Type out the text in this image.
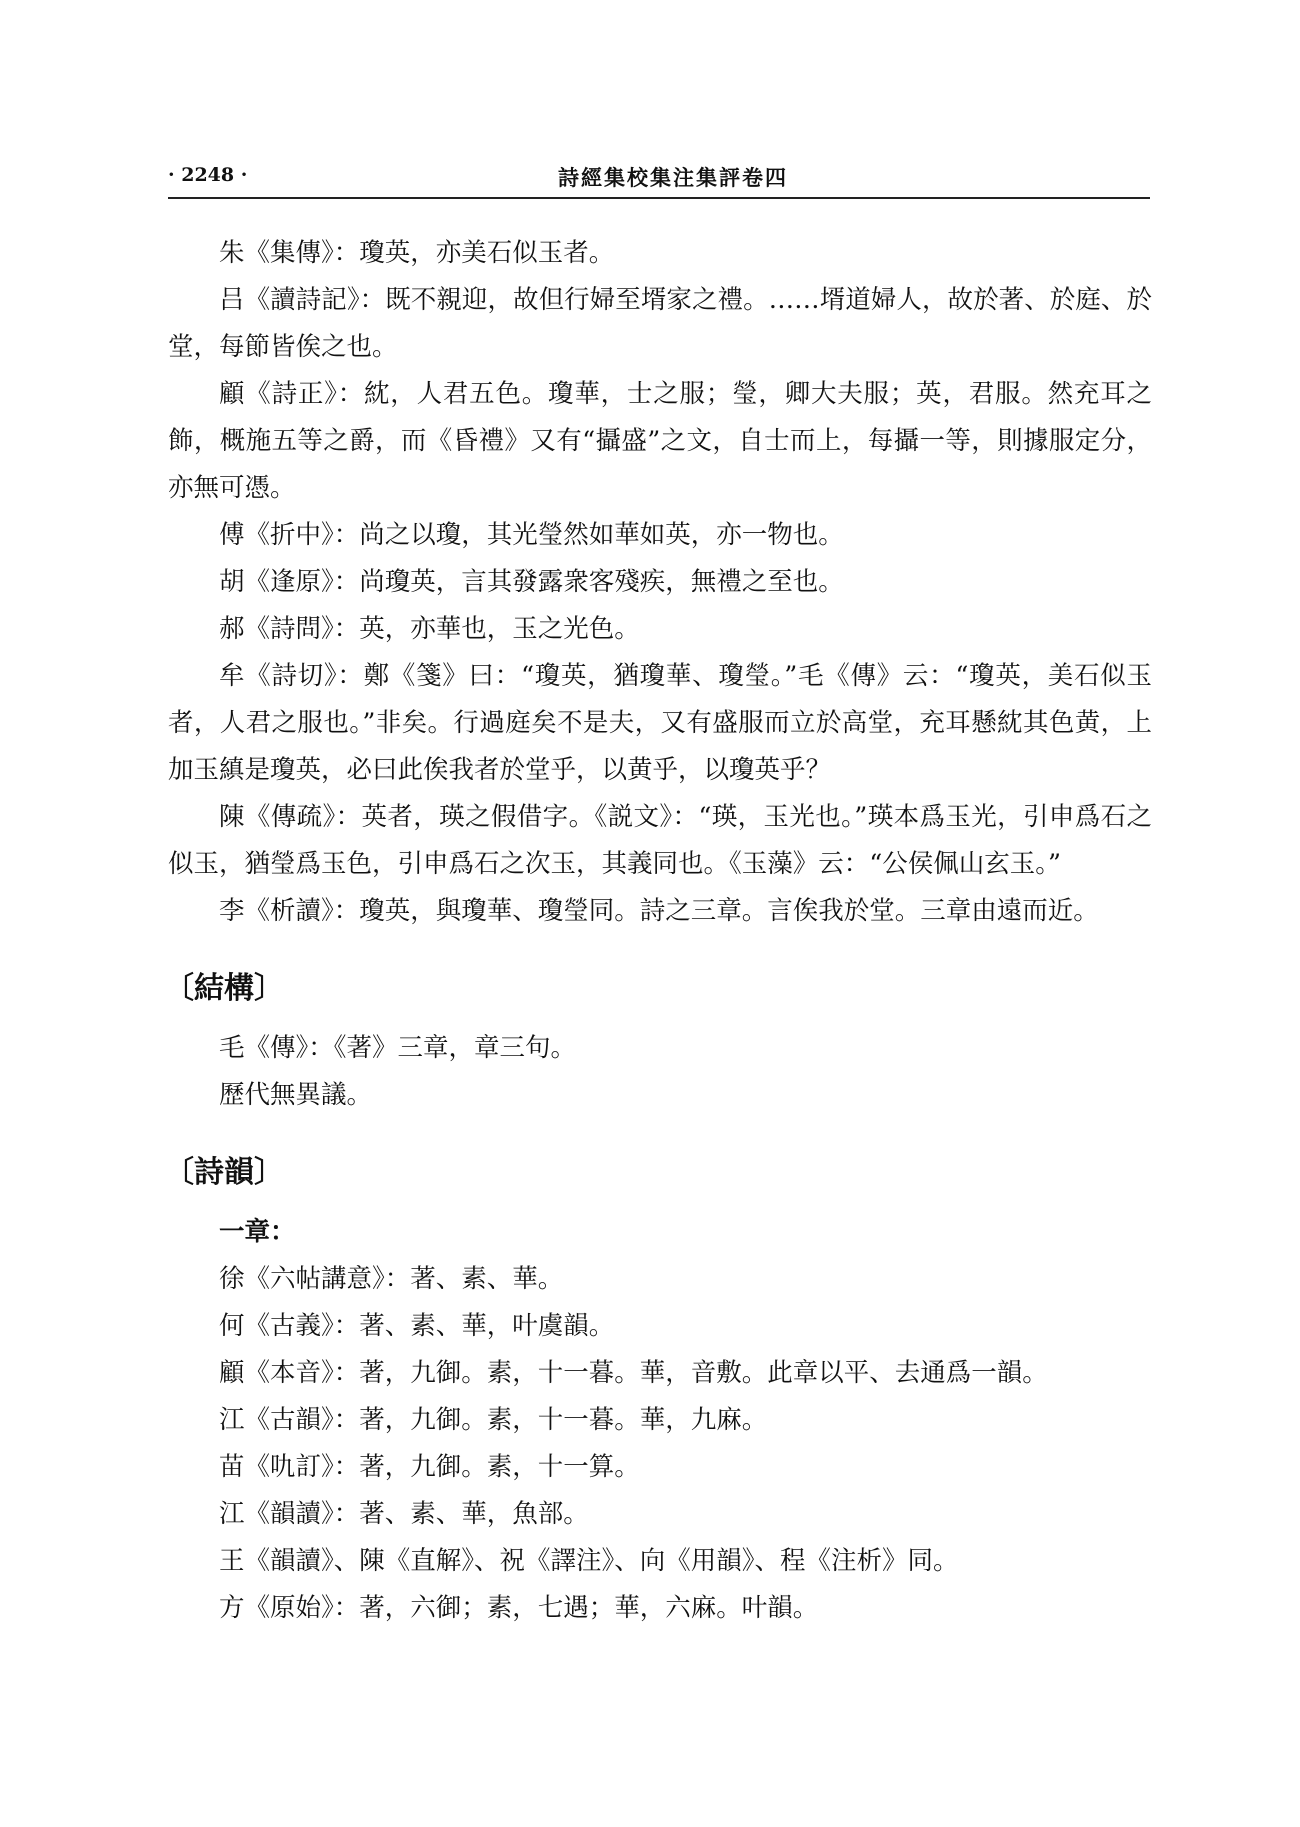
· 2248 ·	詩經集校集注集評卷四

朱《集傳》：瓊英，亦美石似玉者。

吕《讀詩記》：既不親迎，故但行婦至壻家之禮。……壻道婦人，故於著、於庭、於堂，每節皆俟之也。

顧《詩正》：紞，人君五色。瓊華，士之服；瑩，卿大夫服；英，君服。然充耳之飾，概施五等之爵，而《昏禮》又有“攝盛”之文，自士而上，每攝一等，則據服定分，亦無可憑。

傅《折中》：尚之以瓊，其光瑩然如華如英，亦一物也。

胡《逢原》：尚瓊英，言其發露衆客殘疾，無禮之至也。

郝《詩問》：英，亦華也，玉之光色。

牟《詩切》：鄭《箋》曰：“瓊英，猶瓊華、瓊瑩。”毛《傳》云：“瓊英，美石似玉者，人君之服也。”非矣。行過庭矣不是夫，又有盛服而立於高堂，充耳懸紞其色黄，上加玉縝是瓊英，必曰此俟我者於堂乎，以黄乎，以瓊英乎？

陳《傳疏》：英者，瑛之假借字。《説文》：“瑛，玉光也。”瑛本爲玉光，引申爲石之似玉，猶瑩爲玉色，引申爲石之次玉，其義同也。《玉藻》云：“公侯佩山玄玉。”

李《析讀》：瓊英，與瓊華、瓊瑩同。詩之三章。言俟我於堂。三章由遠而近。

〔結構〕

毛《傳》：《著》三章，章三句。

歷代無異議。

〔詩韻〕

一章：

徐《六帖講意》：著、素、華。

何《古義》：著、素、華，叶虞韻。

顧《本音》：著，九御。素，十一暮。華，音敷。此章以平、去通爲一韻。

江《古韻》：著，九御。素，十一暮。華，九麻。

苗《㕤訂》：著，九御。素，十一算。

江《韻讀》：著、素、華，魚部。

王《韻讀》、陳《直解》、祝《譯注》、向《用韻》、程《注析》同。

方《原始》：著，六御；素，七遇；華，六麻。叶韻。
